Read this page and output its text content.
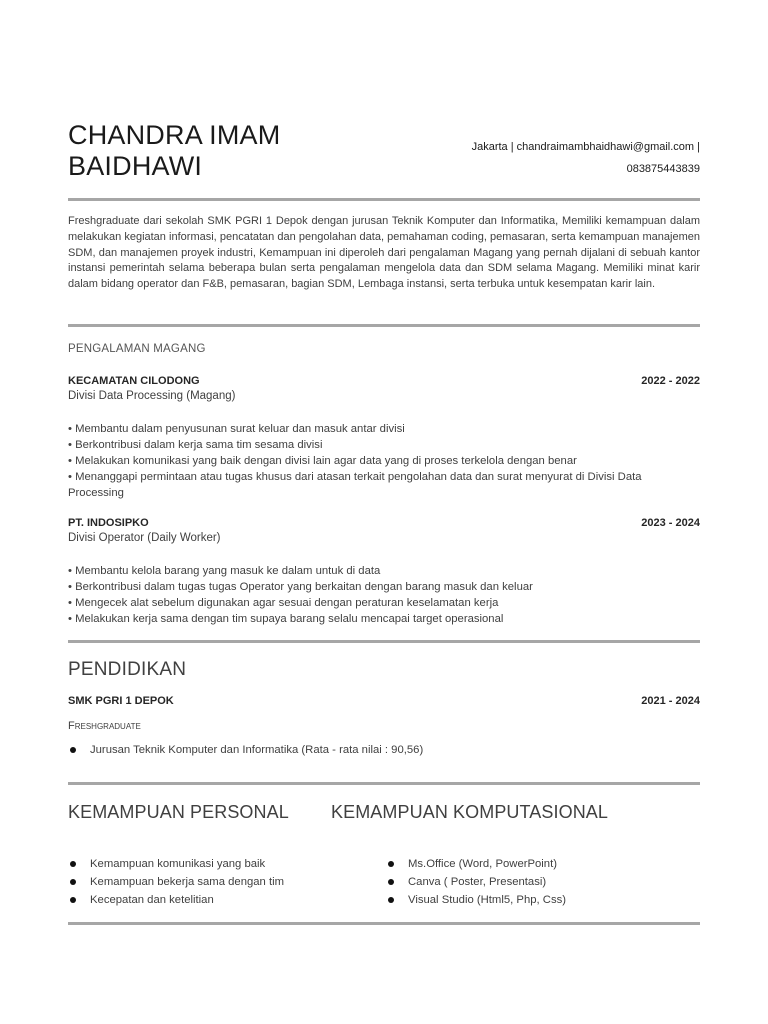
CHANDRA IMAM
BAIDHAWI
Jakarta | chandraimambhaidhawi@gmail.com |
083875443839
Freshgraduate dari sekolah SMK PGRI 1 Depok dengan jurusan Teknik Komputer dan Informatika, Memiliki kemampuan dalam melakukan kegiatan informasi, pencatatan dan pengolahan data, pemahaman coding, pemasaran, serta kemampuan manajemen SDM, dan manajemen proyek industri, Kemampuan ini diperoleh dari pengalaman Magang yang pernah dijalani di sebuah kantor instansi pemerintah selama beberapa bulan serta pengalaman mengelola data dan SDM selama Magang. Memiliki minat karir dalam bidang operator dan F&B, pemasaran, bagian SDM, Lembaga instansi, serta terbuka untuk kesempatan karir lain.
PENGALAMAN MAGANG
KECAMATAN CILODONG	2022 - 2022
Divisi Data Processing (Magang)
• Membantu dalam penyusunan surat keluar dan masuk antar divisi
• Berkontribusi dalam kerja sama tim sesama divisi
• Melakukan komunikasi yang baik dengan divisi lain agar data yang di proses terkelola dengan benar
• Menanggapi permintaan atau tugas khusus dari atasan terkait pengolahan data dan surat menyurat di Divisi Data Processing
PT. INDOSIPKO	2023 - 2024
Divisi Operator (Daily Worker)
• Membantu kelola barang yang masuk ke dalam untuk di data
• Berkontribusi dalam tugas tugas Operator yang berkaitan dengan barang masuk dan keluar
• Mengecek alat sebelum digunakan agar sesuai dengan peraturan keselamatan kerja
• Melakukan kerja sama dengan tim supaya barang selalu mencapai target operasional
PENDIDIKAN
SMK PGRI 1 DEPOK	2021 - 2024
Freshgraduate
Jurusan Teknik Komputer dan Informatika (Rata - rata nilai : 90,56)
KEMAMPUAN PERSONAL KEMAMPUAN KOMPUTASIONAL
Kemampuan komunikasi yang baik
Kemampuan bekerja sama dengan tim
Kecepatan dan ketelitian
Ms.Office (Word, PowerPoint)
Canva ( Poster, Presentasi)
Visual Studio (Html5, Php, Css)
